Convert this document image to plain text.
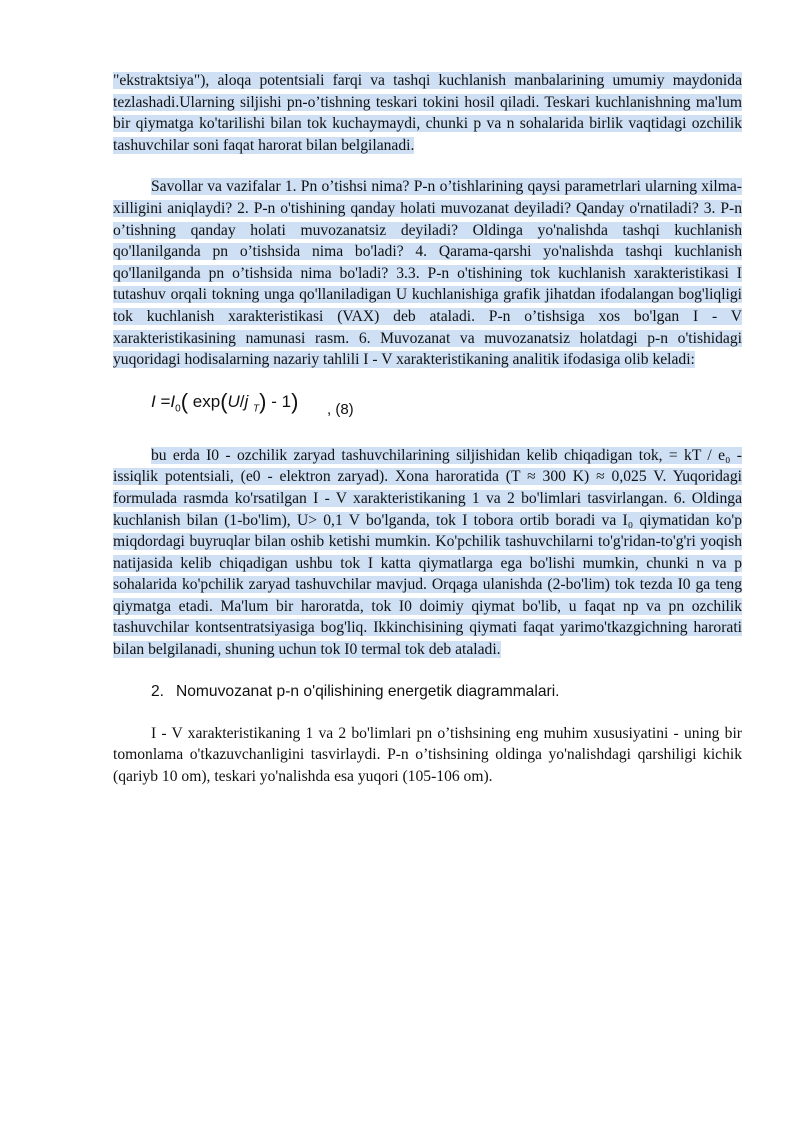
"ekstraktsiya"), aloqa potentsiali farqi va tashqi kuchlanish manbalarining umumiy maydonida tezlashadi.Ularning siljishi pn-o’tishning teskari tokini hosil qiladi. Teskari kuchlanishning ma'lum bir qiymatga ko'tarilishi bilan tok kuchaymaydi, chunki p va n sohalarida birlik vaqtidagi ozchilik tashuvchilar soni faqat harorat bilan belgilanadi.

Savollar va vazifalar 1. Pn o’tishsi nima? P-n o’tishlarining qaysi parametrlari ularning xilma-xilligini aniqlaydi? 2. P-n o'tishining qanday holati muvozanat deyiladi? Qanday o'rnatiladi? 3. P-n o’tishning qanday holati muvozanatsiz deyiladi? Oldinga yo'nalishda tashqi kuchlanish qo'llanilganda pn o’tishsida nima bo'ladi? 4. Qarama-qarshi yo'nalishda tashqi kuchlanish qo'llanilganda pn o’tishsida nima bo'ladi? 3.3. P-n o'tishining tok kuchlanish xarakteristikasi I tutashuv orqali tokning unga qo'llaniladigan U kuchlanishiga grafik jihatdan ifodalangan bog'liqligi tok kuchlanish xarakteristikasi (VAX) deb ataladi. P-n o’tishsiga xos bo'lgan I - V xarakteristikasining namunasi rasm. 6. Muvozanat va muvozanatsiz holatdagi p-n o'tishidagi yuqoridagi hodisalarning nazariy tahlili I - V xarakteristikaning analitik ifodasiga olib keladi:

$I =I_0$( exp(U/j $_T$) - 1) , (8)

bu erda I0 - ozchilik zaryad tashuvchilarining siljishidan kelib chiqadigan tok, = kT / e₀ - issiqlik potentsiali, (e0 - elektron zaryad). Xona haroratida (T ≈ 300 K) ≈ 0,025 V. Yuqoridagi formulada rasmda ko'rsatilgan I - V xarakteristikaning 1 va 2 bo'limlari tasvirlangan. 6. Oldinga kuchlanish bilan (1-bo'lim), U> 0,1 V bo'lganda, tok I tobora ortib boradi va I₀ qiymatidan ko'p miqdordagi buyruqlar bilan oshib ketishi mumkin. Ko'pchilik tashuvchilarni to'g'ridan-to'g'ri yoqish natijasida kelib chiqadigan ushbu tok I katta qiymatlarga ega bo'lishi mumkin, chunki n va p sohalarida ko'pchilik zaryad tashuvchilar mavjud. Orqaga ulanishda (2-bo'lim) tok tezda I0 ga teng qiymatga etadi. Ma'lum bir haroratda, tok I0 doimiy qiymat bo'lib, u faqat np va pn ozchilik tashuvchilar kontsentratsiyasiga bog'liq. Ikkinchisining qiymati faqat yarimo'tkazgichning harorati bilan belgilanadi, shuning uchun tok I0 termal tok deb ataladi.

2. Nomuvozanat p-n o'qilishining energetik diagrammalari.

I - V xarakteristikaning 1 va 2 bo'limlari pn o’tishsining eng muhim xususiyatini - uning bir tomonlama o'tkazuvchanligini tasvirlaydi. P-n o’tishsining oldinga yo'nalishdagi qarshiligi kichik (qariyb 10 om), teskari yo'nalishda esa yuqori (105-106 om).
